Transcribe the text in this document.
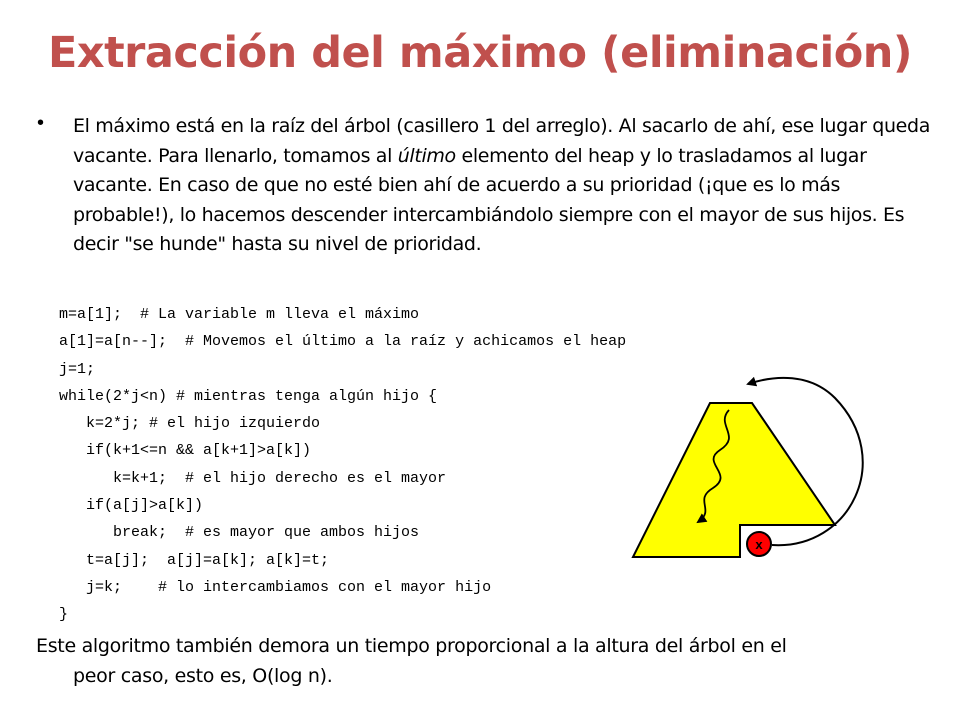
Extracción del máximo (eliminación)
• El máximo está en la raíz del árbol (casillero 1 del arreglo). Al sacarlo de ahí, ese lugar queda vacante. Para llenarlo, tomamos al último elemento del heap y lo trasladamos al lugar vacante. En caso de que no esté bien ahí de acuerdo a su prioridad (¡que es lo más probable!), lo hacemos descender intercambiándolo siempre con el mayor de sus hijos. Es decir "se hunde" hasta su nivel de prioridad.
m=a[1];  # La variable m lleva el máximo
a[1]=a[n--];  # Movemos el último a la raíz y achicamos el heap
j=1;
while(2*j<n) # mientras tenga algún hijo {
k=2*j; # el hijo izquierdo
if(k+1<=n && a[k+1]>a[k])
k=k+1;  # el hijo derecho es el mayor
if(a[j]>a[k])
break;  # es mayor que ambos hijos
t=a[j];  a[j]=a[k]; a[k]=t;
j=k;    # lo intercambiamos con el mayor hijo
}
x
Este algoritmo también demora un tiempo proporcional a la altura del árbol en el
peor caso, esto es, O(log n).
